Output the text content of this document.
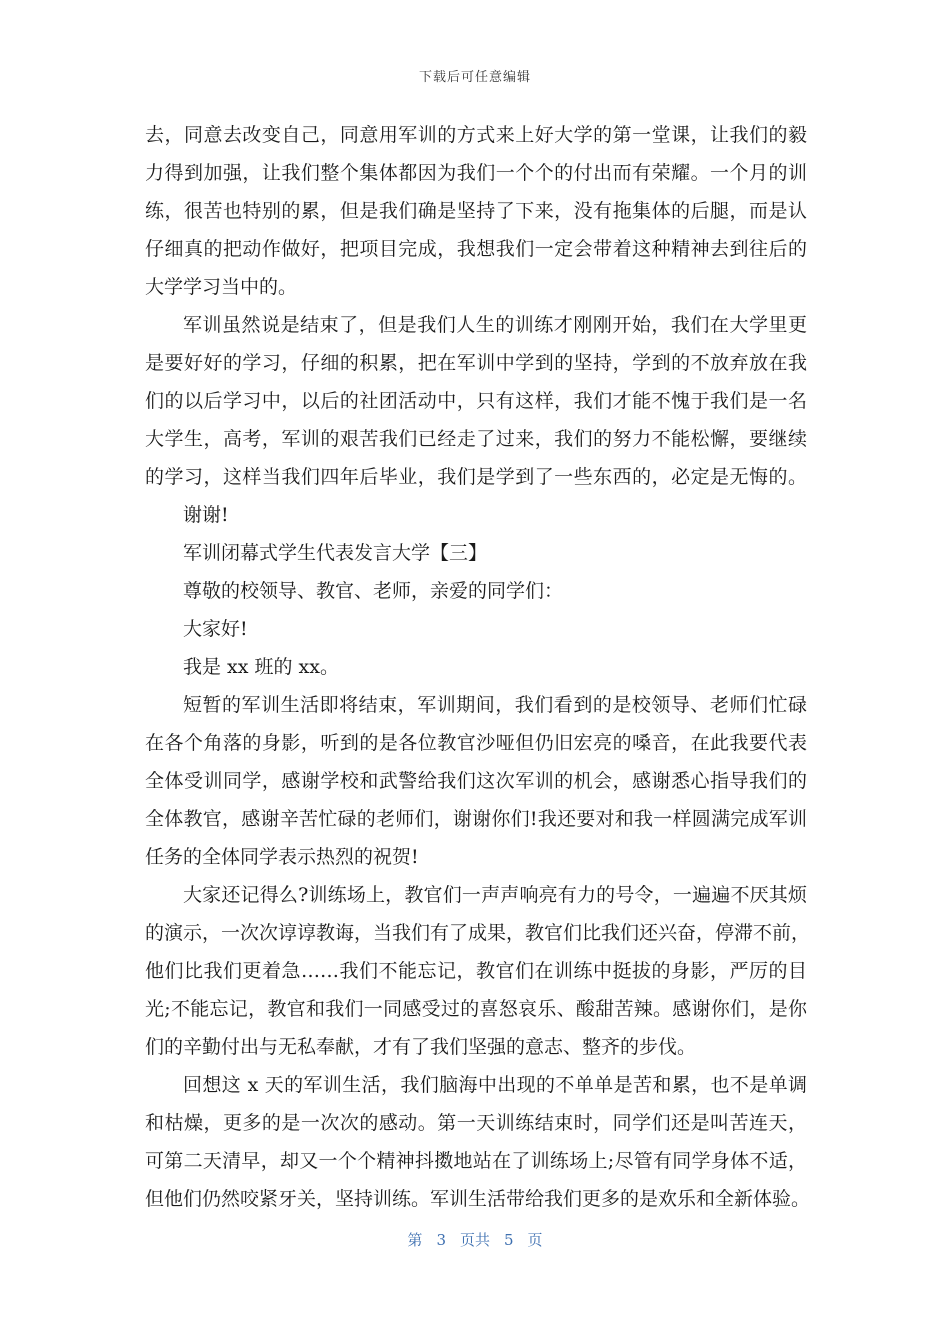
下载后可任意编辑
去，同意去改变自己，同意用军训的方式来上好大学的第一堂课，让我们的毅
力得到加强，让我们整个集体都因为我们一个个的付出而有荣耀。一个月的训
练，很苦也特别的累，但是我们确是坚持了下来，没有拖集体的后腿，而是认
仔细真的把动作做好，把项目完成，我想我们一定会带着这种精神去到往后的
大学学习当中的。
军训虽然说是结束了，但是我们人生的训练才刚刚开始，我们在大学里更
是要好好的学习，仔细的积累，把在军训中学到的坚持，学到的不放弃放在我
们的以后学习中，以后的社团活动中，只有这样，我们才能不愧于我们是一名
大学生，高考，军训的艰苦我们已经走了过来，我们的努力不能松懈，要继续
的学习，这样当我们四年后毕业，我们是学到了一些东西的，必定是无悔的。
谢谢!
军训闭幕式学生代表发言大学【三】
尊敬的校领导、教官、老师，亲爱的同学们：
大家好!
我是 xx 班的 xx。
短暂的军训生活即将结束，军训期间，我们看到的是校领导、老师们忙碌
在各个角落的身影，听到的是各位教官沙哑但仍旧宏亮的嗓音，在此我要代表
全体受训同学，感谢学校和武警给我们这次军训的机会，感谢悉心指导我们的
全体教官，感谢辛苦忙碌的老师们，谢谢你们!我还要对和我一样圆满完成军训
任务的全体同学表示热烈的祝贺!
大家还记得么?训练场上，教官们一声声响亮有力的号令，一遍遍不厌其烦
的演示，一次次谆谆教诲，当我们有了成果，教官们比我们还兴奋，停滞不前，
他们比我们更着急……我们不能忘记，教官们在训练中挺拔的身影，严厉的目
光;不能忘记，教官和我们一同感受过的喜怒哀乐、酸甜苦辣。感谢你们，是你
们的辛勤付出与无私奉献，才有了我们坚强的意志、整齐的步伐。
回想这 x 天的军训生活，我们脑海中出现的不单单是苦和累，也不是单调
和枯燥，更多的是一次次的感动。第一天训练结束时，同学们还是叫苦连天，
可第二天清早，却又一个个精神抖擞地站在了训练场上;尽管有同学身体不适，
但他们仍然咬紧牙关，坚持训练。军训生活带给我们更多的是欢乐和全新体验。
第 3 页共 5 页
